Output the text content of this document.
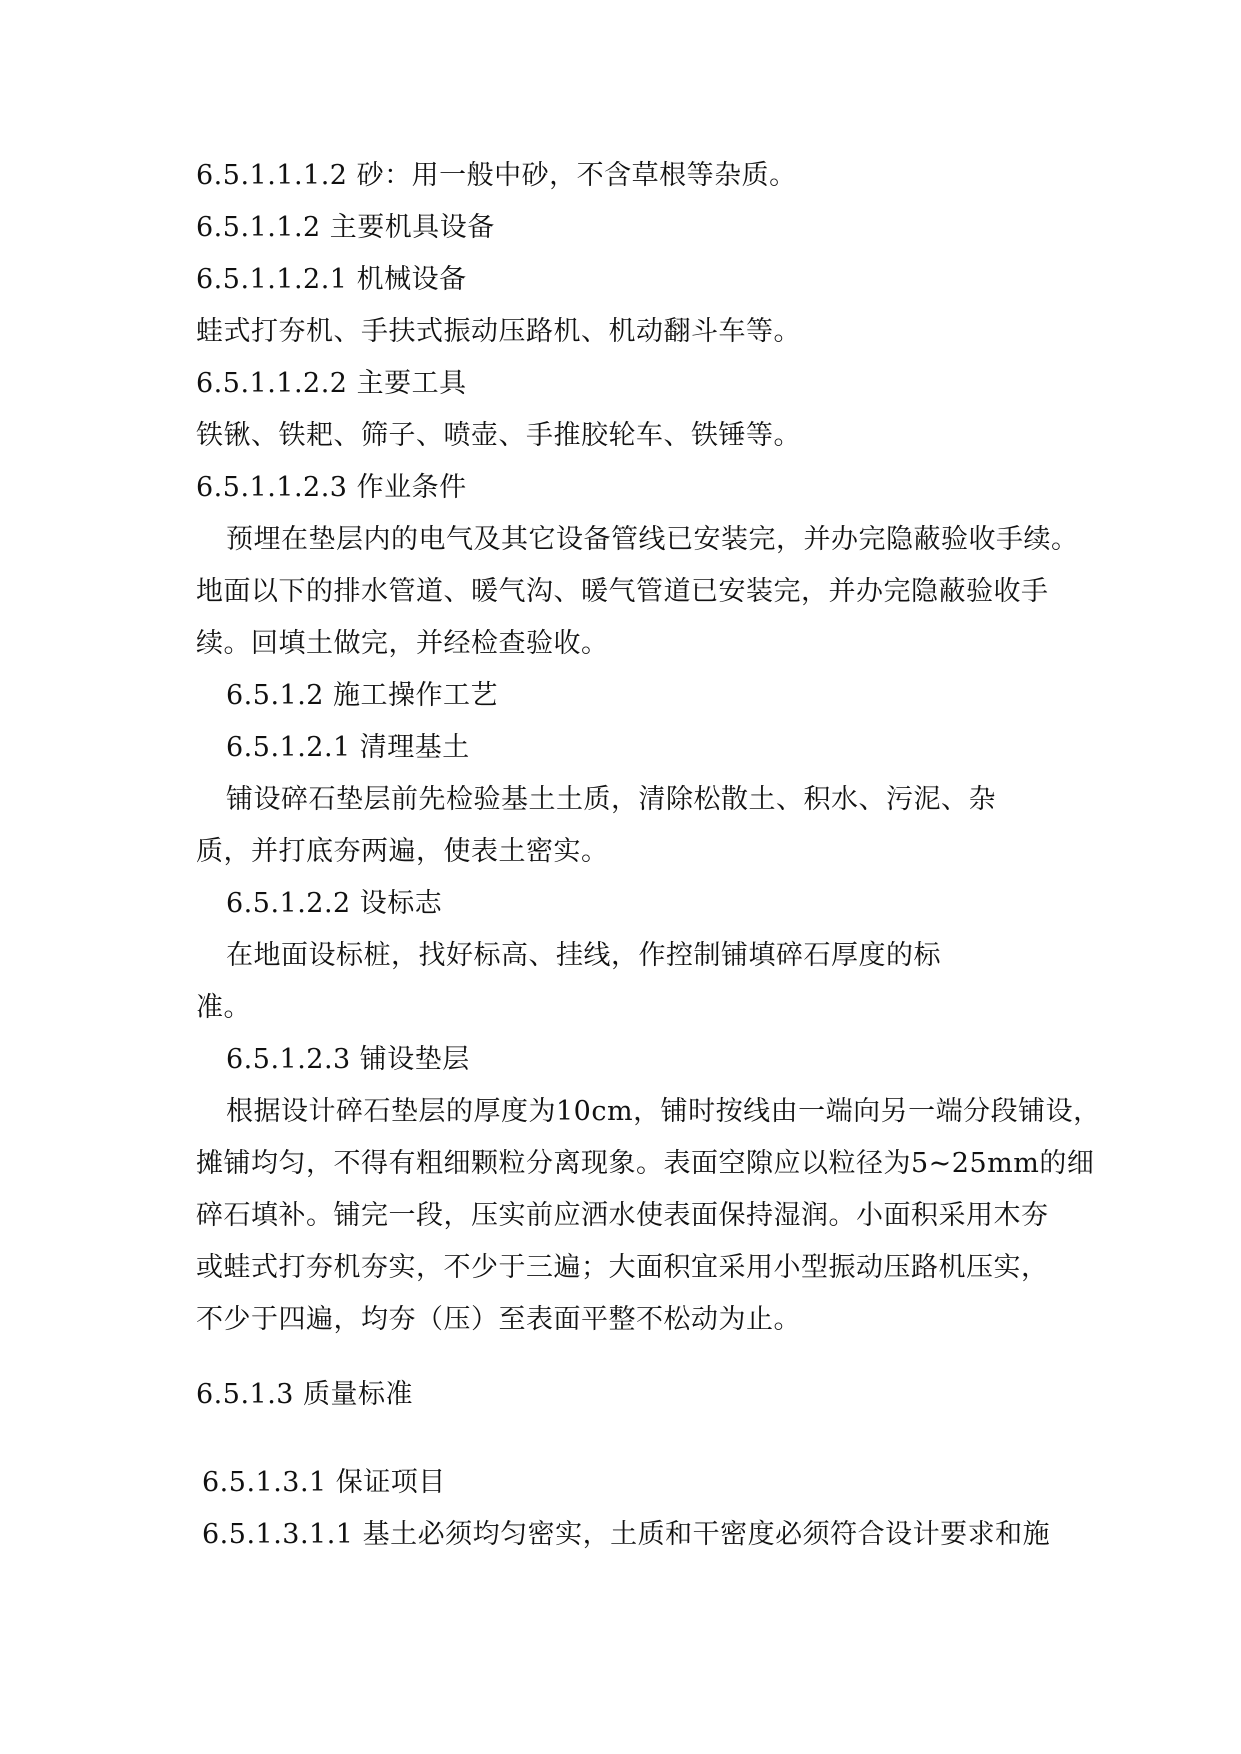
6.5.1.1.1.2 砂：用一般中砂，不含草根等杂质。
6.5.1.1.2 主要机具设备
6.5.1.1.2.1 机械设备
蛙式打夯机、手扶式振动压路机、机动翻斗车等。
6.5.1.1.2.2 主要工具
铁锹、铁耙、筛子、喷壶、手推胶轮车、铁锤等。
6.5.1.1.2.3 作业条件
预埋在垫层内的电气及其它设备管线已安装完，并办完隐蔽验收手续。
地面以下的排水管道、暖气沟、暖气管道已安装完，并办完隐蔽验收手
续。回填土做完，并经检查验收。
6.5.1.2 施工操作工艺
6.5.1.2.1 清理基土
铺设碎石垫层前先检验基土土质，清除松散土、积水、污泥、杂
质，并打底夯两遍，使表土密实。
6.5.1.2.2 设标志
在地面设标桩，找好标高、挂线，作控制铺填碎石厚度的标
准。
6.5.1.2.3 铺设垫层
根据设计碎石垫层的厚度为10cm，铺时按线由一端向另一端分段铺设，
摊铺均匀，不得有粗细颗粒分离现象。表面空隙应以粒径为5~25mm的细
碎石填补。铺完一段，压实前应洒水使表面保持湿润。小面积采用木夯
或蛙式打夯机夯实，不少于三遍；大面积宜采用小型振动压路机压实，
不少于四遍，均夯（压）至表面平整不松动为止。
6.5.1.3 质量标准
6.5.1.3.1 保证项目
6.5.1.3.1.1 基土必须均匀密实，土质和干密度必须符合设计要求和施
